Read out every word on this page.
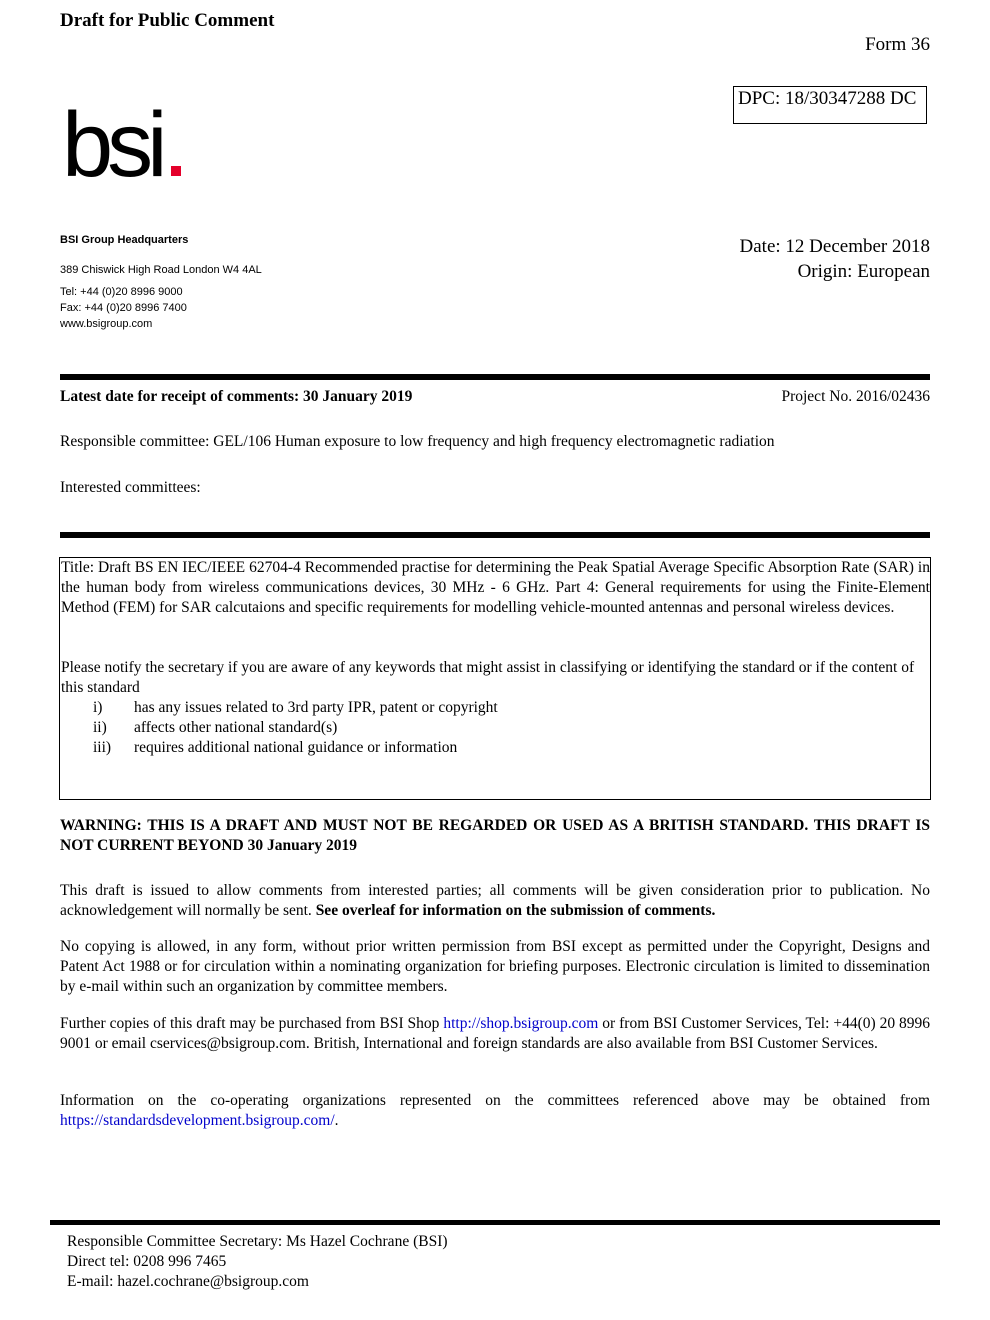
Draft for Public Comment
Form 36
DPC: 18/30347288 DC
bsi
BSI Group Headquarters
389 Chiswick High Road London W4 4AL
Tel: +44 (0)20 8996 9000
Fax: +44 (0)20 8996 7400
www.bsigroup.com
Date: 12 December 2018
Origin: European
Latest date for receipt of comments: 30 January 2019	Project No. 2016/02436
Responsible committee: GEL/106 Human exposure to low frequency and high frequency electromagnetic radiation
Interested committees:
Title: Draft BS EN IEC/IEEE 62704-4 Recommended practise for determining the Peak Spatial Average Specific Absorption Rate (SAR) in the human body from wireless communications devices, 30 MHz - 6 GHz. Part 4: General requirements for using the Finite-Element Method (FEM) for SAR calcutaions and specific requirements for modelling vehicle-mounted antennas and personal wireless devices.
Please notify the secretary if you are aware of any keywords that might assist in classifying or identifying the standard or if the content of this standard
i) has any issues related to 3rd party IPR, patent or copyright
ii) affects other national standard(s)
iii) requires additional national guidance or information
WARNING: THIS IS A DRAFT AND MUST NOT BE REGARDED OR USED AS A BRITISH STANDARD. THIS DRAFT IS NOT CURRENT BEYOND 30 January 2019
This draft is issued to allow comments from interested parties; all comments will be given consideration prior to publication. No acknowledgement will normally be sent. See overleaf for information on the submission of comments.
No copying is allowed, in any form, without prior written permission from BSI except as permitted under the Copyright, Designs and Patent Act 1988 or for circulation within a nominating organization for briefing purposes. Electronic circulation is limited to dissemination by e-mail within such an organization by committee members.
Further copies of this draft may be purchased from BSI Shop http://shop.bsigroup.com or from BSI Customer Services, Tel: +44(0) 20 8996 9001 or email cservices@bsigroup.com. British, International and foreign standards are also available from BSI Customer Services.
Information on the co-operating organizations represented on the committees referenced above may be obtained from https://standardsdevelopment.bsigroup.com/.
Responsible Committee Secretary: Ms Hazel Cochrane (BSI)
Direct tel: 0208 996 7465
E-mail: hazel.cochrane@bsigroup.com
